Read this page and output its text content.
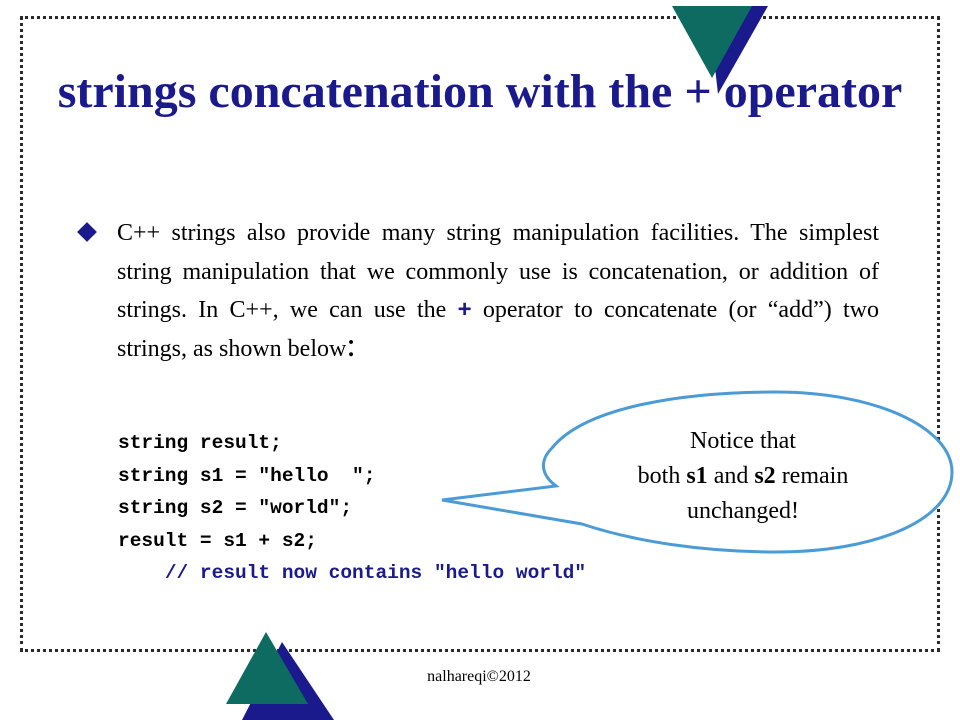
strings concatenation with the + operator

C++ strings also provide many string manipulation facilities. The simplest string manipulation that we commonly use is concatenation, or addition of strings. In C++, we can use the + operator to concatenate (or “add”) two strings, as shown below:

string result;
string s1 = "hello  ";
string s2 = "world";
result = s1 + s2;
// result now contains "hello world"
Notice that
both s1 and s2 remain
unchanged!
nalhareqi©2012
